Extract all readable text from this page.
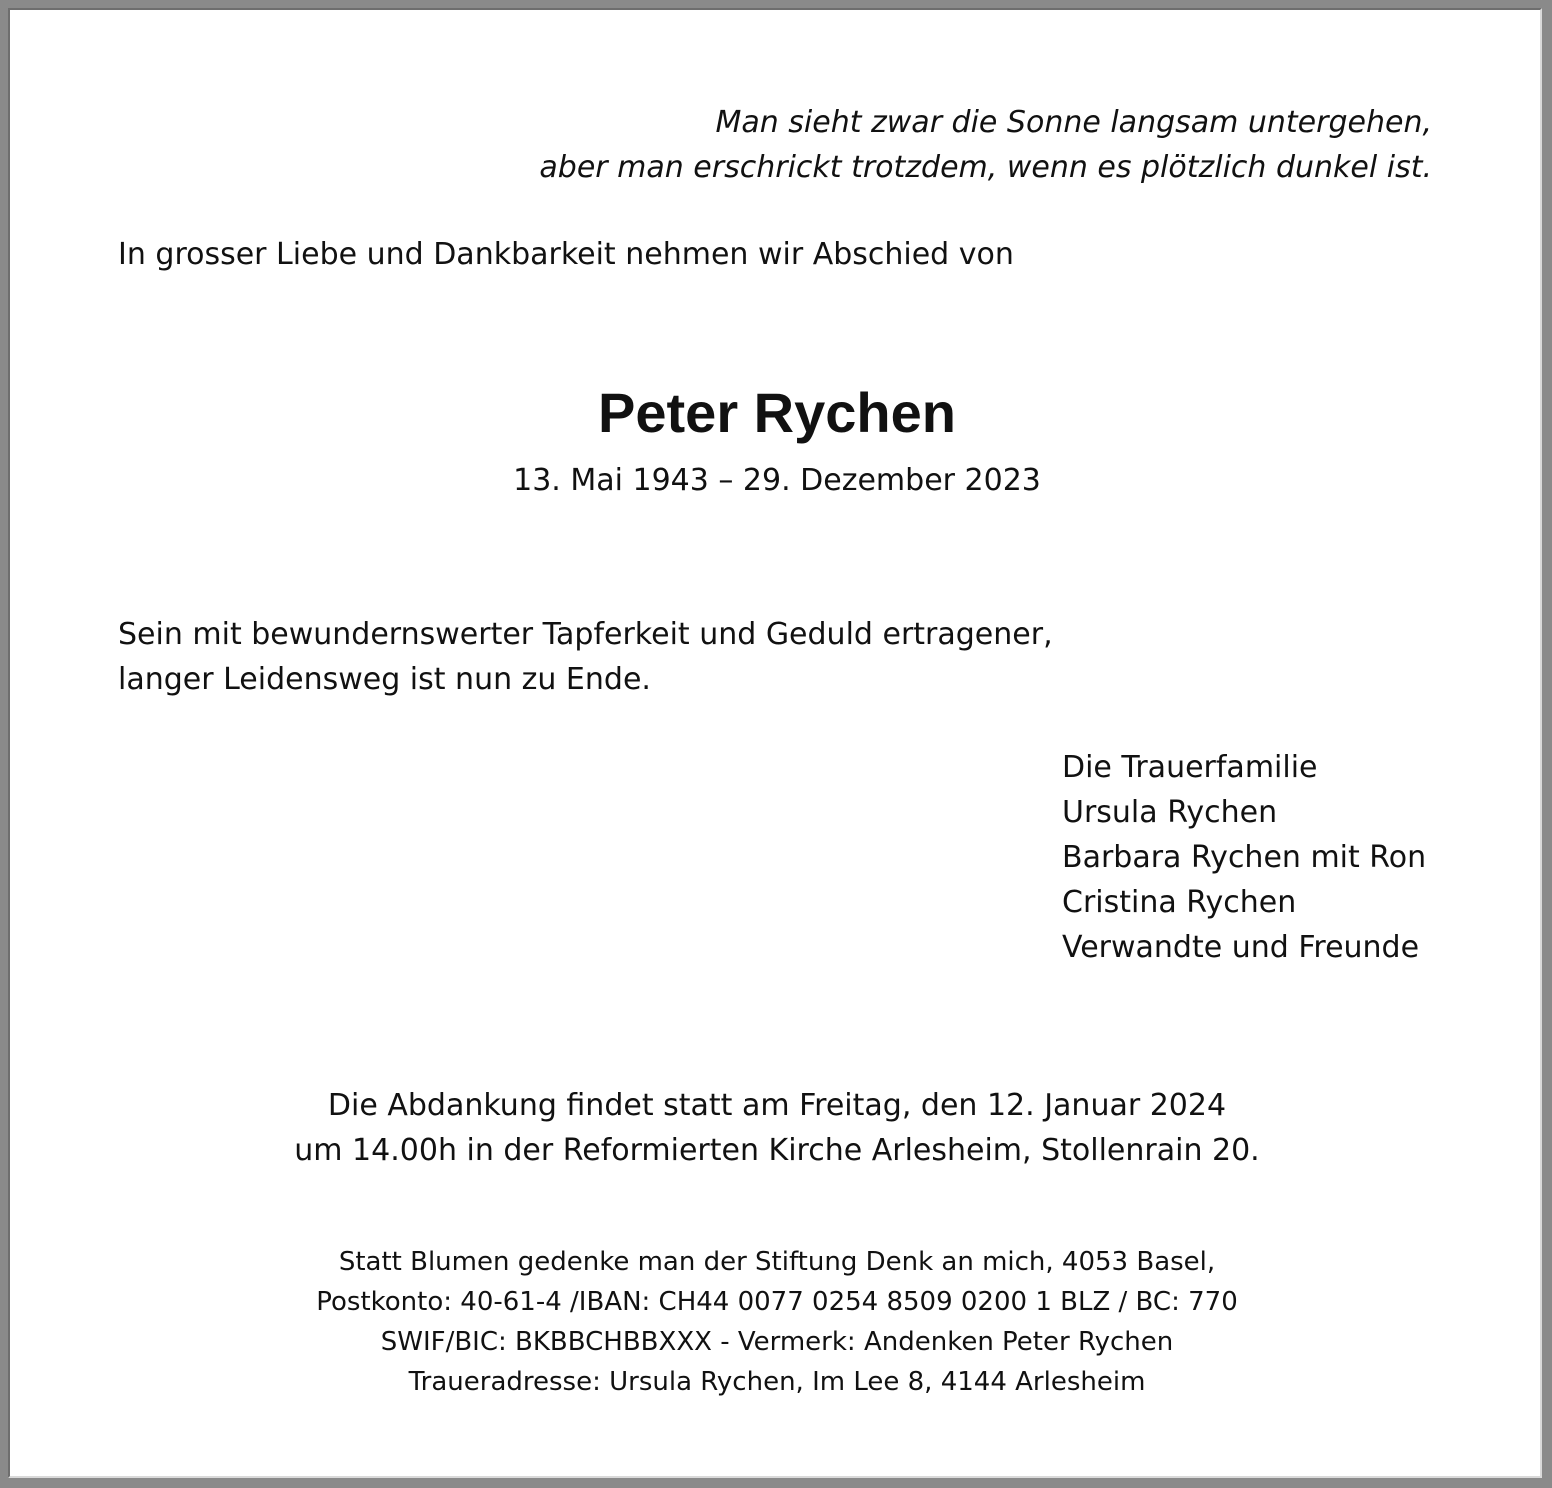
Man sieht zwar die Sonne langsam untergehen,
aber man erschrickt trotzdem, wenn es plötzlich dunkel ist.

In grosser Liebe und Dankbarkeit nehmen wir Abschied von

Peter Rychen

13. Mai 1943 – 29. Dezember 2023

Sein mit bewundernswerter Tapferkeit und Geduld ertragener,
langer Leidensweg ist nun zu Ende.
Die Trauerfamilie
Ursula Rychen
Barbara Rychen mit Ron
Cristina Rychen
Verwandte und Freunde
Die Abdankung findet statt am Freitag, den 12. Januar 2024
um 14.00h in der Reformierten Kirche Arlesheim, Stollenrain 20.
Statt Blumen gedenke man der Stiftung Denk an mich, 4053 Basel,
Postkonto: 40-61-4 /IBAN: CH44 0077 0254 8509 0200 1 BLZ / BC: 770
SWIF/BIC: BKBBCHBBXXX - Vermerk: Andenken Peter Rychen
Traueradresse: Ursula Rychen, Im Lee 8, 4144 Arlesheim
